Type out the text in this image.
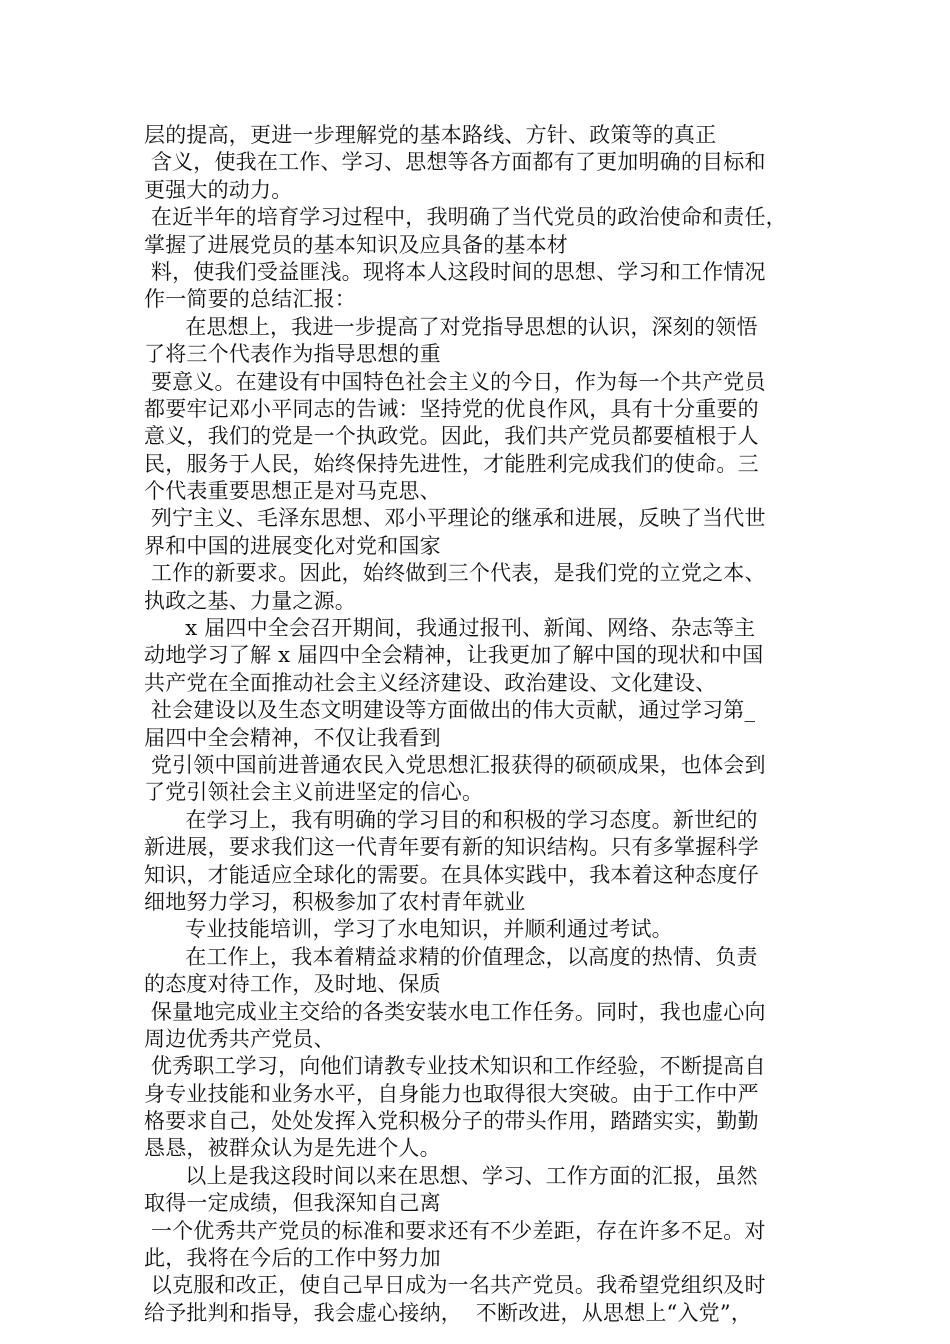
层的提高，更进一步理解党的基本路线、方针、政策等的真正
含义，使我在工作、学习、思想等各方面都有了更加明确的目标和
更强大的动力。
在近半年的培育学习过程中，我明确了当代党员的政治使命和责任，
掌握了进展党员的基本知识及应具备的基本材
料，使我们受益匪浅。现将本人这段时间的思想、学习和工作情况
作一简要的总结汇报：
在思想上，我进一步提高了对党指导思想的认识，深刻的领悟
了将三个代表作为指导思想的重
要意义。在建设有中国特色社会主义的今日，作为每一个共产党员
都要牢记邓小平同志的告诫：坚持党的优良作风，具有十分重要的
意义，我们的党是一个执政党。因此，我们共产党员都要植根于人
民，服务于人民，始终保持先进性，才能胜利完成我们的使命。三
个代表重要思想正是对马克思、
列宁主义、毛泽东思想、邓小平理论的继承和进展，反映了当代世
界和中国的进展变化对党和国家
工作的新要求。因此，始终做到三个代表，是我们党的立党之本、
执政之基、力量之源。
x 届四中全会召开期间，我通过报刊、新闻、网络、杂志等主
动地学习了解 x 届四中全会精神，让我更加了解中国的现状和中国
共产党在全面推动社会主义经济建设、政治建设、文化建设、
社会建设以及生态文明建设等方面做出的伟大贡献，通过学习第_
届四中全会精神，不仅让我看到
党引领中国前进普通农民入党思想汇报获得的硕硕成果，也体会到
了党引领社会主义前进坚定的信心。
在学习上，我有明确的学习目的和积极的学习态度。新世纪的
新进展，要求我们这一代青年要有新的知识结构。只有多掌握科学
知识，才能适应全球化的需要。在具体实践中，我本着这种态度仔
细地努力学习，积极参加了农村青年就业
专业技能培训，学习了水电知识，并顺利通过考试。
在工作上，我本着精益求精的价值理念，以高度的热情、负责
的态度对待工作，及时地、保质
保量地完成业主交给的各类安装水电工作任务。同时，我也虚心向
周边优秀共产党员、
优秀职工学习，向他们请教专业技术知识和工作经验，不断提高自
身专业技能和业务水平，自身能力也取得很大突破。由于工作中严
格要求自己，处处发挥入党积极分子的带头作用，踏踏实实，勤勤
恳恳，被群众认为是先进个人。
以上是我这段时间以来在思想、学习、工作方面的汇报，虽然
取得一定成绩，但我深知自己离
一个优秀共产党员的标准和要求还有不少差距，存在许多不足。对
此，我将在今后的工作中努力加
以克服和改正，使自己早日成为一名共产党员。我希望党组织及时
给予批判和指导，我会虚心接纳，  不断改进，从思想上“入党”，
